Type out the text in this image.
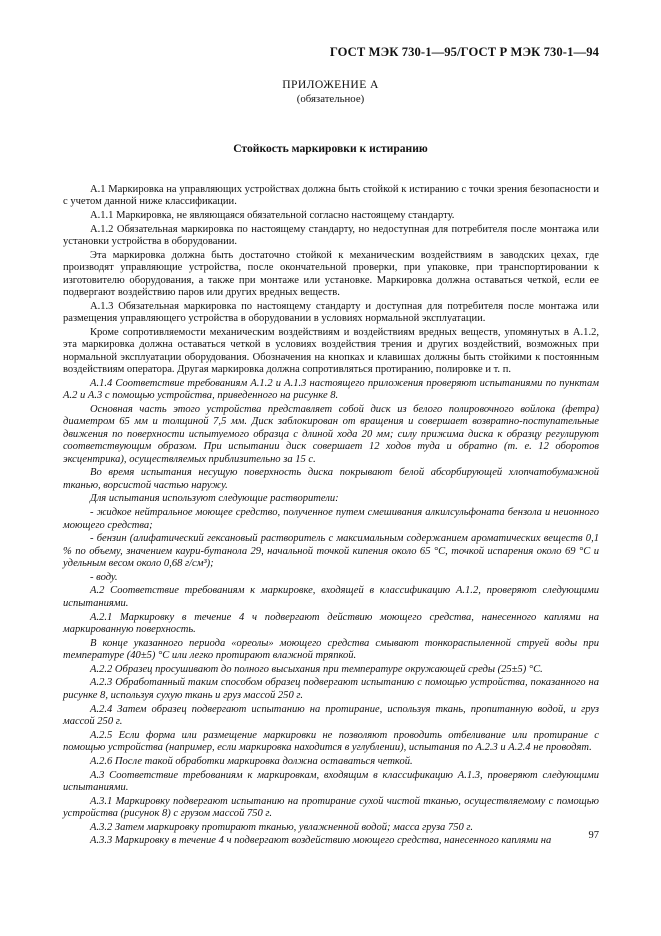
ГОСТ МЭК 730-1—95/ГОСТ Р МЭК 730-1—94
ПРИЛОЖЕНИЕ А
(обязательное)
Стойкость маркировки к истиранию

A.1 Маркировка на управляющих устройствах должна быть стойкой к истиранию с точки зрения безопасности и с учетом данной ниже классификации.

A.1.1 Маркировка, не являющаяся обязательной согласно настоящему стандарту.

A.1.2 Обязательная маркировка по настоящему стандарту, но недоступная для потребителя после монтажа или установки устройства в оборудовании.

Эта маркировка должна быть достаточно стойкой к механическим воздействиям в заводских цехах, где производят управляющие устройства, после окончательной проверки, при упаковке, при транспортировании к изготовителю оборудования, а также при монтаже или установке. Маркировка должна оставаться четкой, если ее подвергают воздействию паров или других вредных веществ.

A.1.3 Обязательная маркировка по настоящему стандарту и доступная для потребителя после монтажа или размещения управляющего устройства в оборудовании в условиях нормальной эксплуатации.

Кроме сопротивляемости механическим воздействиям и воздействиям вредных веществ, упомянутых в A.1.2, эта маркировка должна оставаться четкой в условиях воздействия трения и других воздействий, возможных при нормальной эксплуатации оборудования. Обозначения на кнопках и клавишах должны быть стойкими к постоянным воздействиям оператора. Другая маркировка должна сопротивляться протиранию, полировке и т. п.

A.1.4 Соответствие требованиям A.1.2 и A.1.3 настоящего приложения проверяют испытаниями по пунктам A.2 и A.3 с помощью устройства, приведенного на рисунке 8.

Основная часть этого устройства представляет собой диск из белого полировочного войлока (фетра) диаметром 65 мм и толщиной 7,5 мм. Диск заблокирован от вращения и совершает возвратно-поступательные движения по поверхности испытуемого образца с длиной хода 20 мм; силу прижима диска к образцу регулируют соответствующим образом. При испытании диск совершает 12 ходов туда и обратно (т. е. 12 оборотов эксцентрика), осуществляемых приблизительно за 15 с.

Во время испытания несущую поверхность диска покрывают белой абсорбирующей хлопчатобумажной тканью, ворсистой частью наружу.

Для испытания используют следующие растворители:

- жидкое нейтральное моющее средство, полученное путем смешивания алкилсульфоната бензола и неионного моющего средства;

- бензин (алифатический гексановый растворитель с максимальным содержанием ароматических веществ 0,1 % по объему, значением каури-бутанола 29, начальной точкой кипения около 65 °С, точкой испарения около 69 °С и удельным весом около 0,68 г/см³);

- воду.

A.2 Соответствие требованиям к маркировке, входящей в классификацию A.1.2, проверяют следующими испытаниями.

A.2.1 Маркировку в течение 4 ч подвергают действию моющего средства, нанесенного каплями на маркированную поверхность.

В конце указанного периода «ореолы» моющего средства смывают тонкораспыленной струей воды при температуре (40±5) °С или легко протирают влажной тряпкой.

A.2.2 Образец просушивают до полного высыхания при температуре окружающей среды (25±5) °С.

A.2.3 Обработанный таким способом образец подвергают испытанию с помощью устройства, показанного на рисунке 8, используя сухую ткань и груз массой 250 г.

A.2.4 Затем образец подвергают испытанию на протирание, используя ткань, пропитанную водой, и груз массой 250 г.

A.2.5 Если форма или размещение маркировки не позволяют проводить отбеливание или протирание с помощью устройства (например, если маркировка находится в углублении), испытания по A.2.3 и A.2.4 не проводят.

A.2.6 После такой обработки маркировка должна оставаться четкой.

A.3 Соответствие требованиям к маркировкам, входящим в классификацию A.1.3, проверяют следующими испытаниями.

A.3.1 Маркировку подвергают испытанию на протирание сухой чистой тканью, осуществляемому с помощью устройства (рисунок 8) с грузом массой 750 г.

A.3.2 Затем маркировку протирают тканью, увлажненной водой; масса груза 750 г.

A.3.3 Маркировку в течение 4 ч подвергают воздействию моющего средства, нанесенного каплями на	97
